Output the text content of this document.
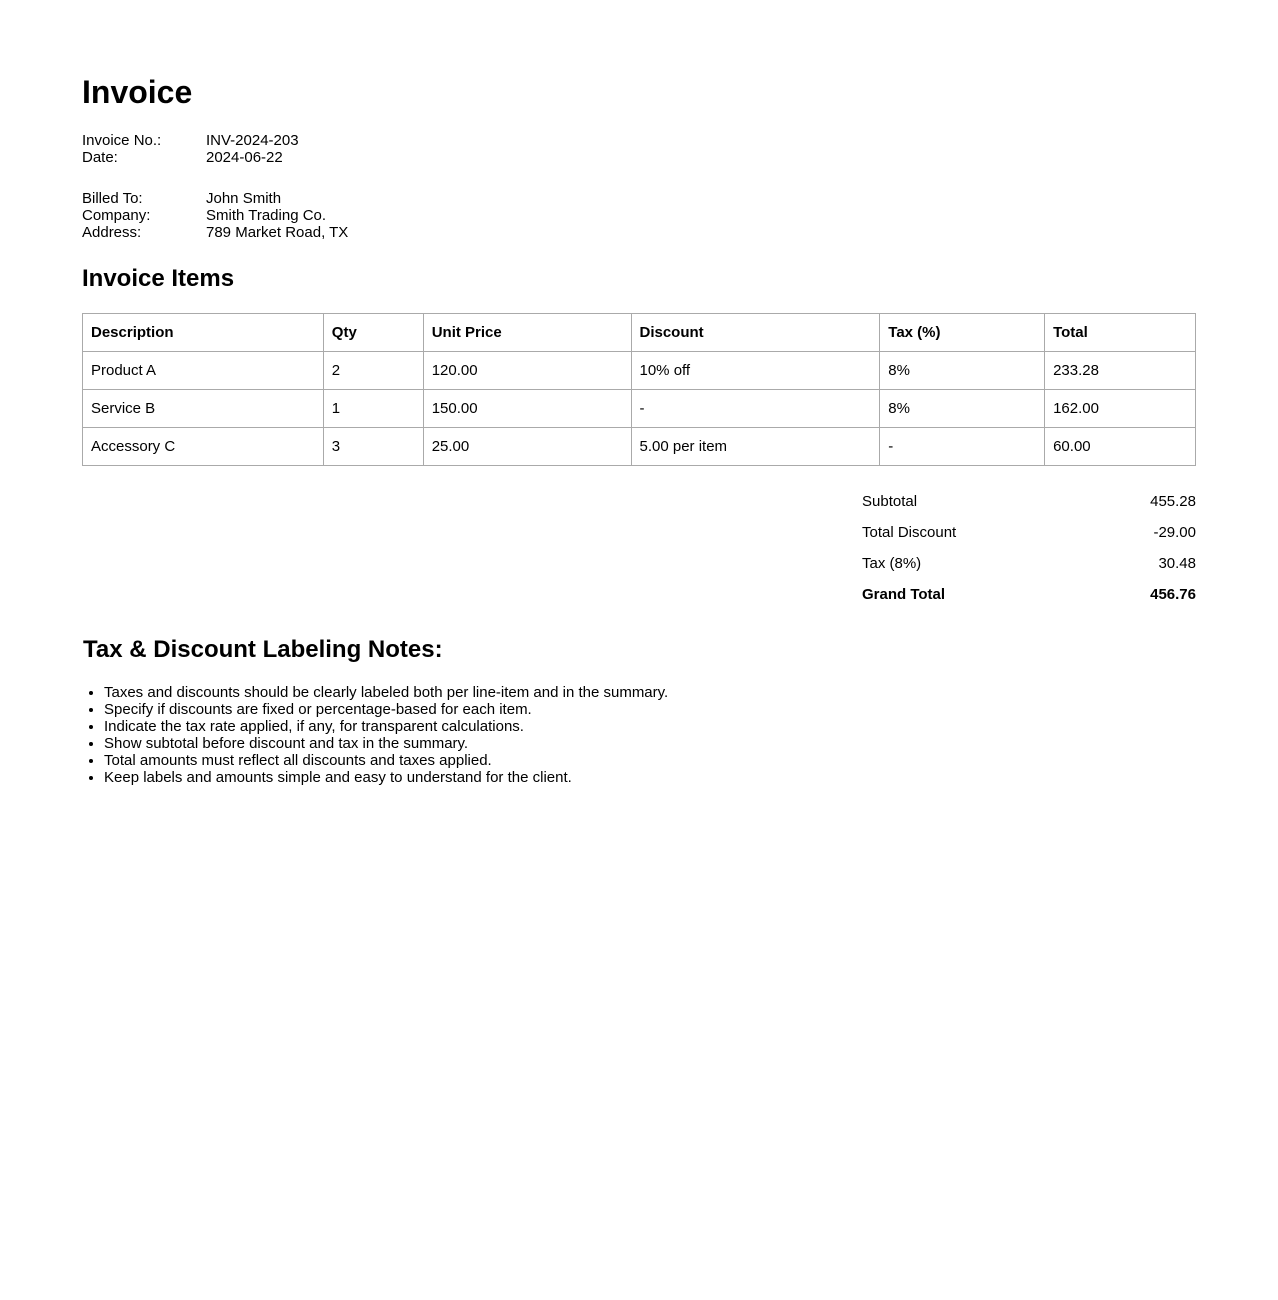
Invoice
Invoice No.:	INV-2024-203
Date:	2024-06-22
Billed To:	John Smith
Company:	Smith Trading Co.
Address:	789 Market Road, TX
Invoice Items
Description	Qty	Unit Price	Discount	Tax (%)	Total
Product A	2	120.00	10% off	8%	233.28
Service B	1	150.00	-	8%	162.00
Accessory C	3	25.00	5.00 per item	-	60.00
Subtotal	455.28
Total Discount	-29.00
Tax (8%)	30.48
Grand Total	456.76
Tax & Discount Labeling Notes:
• Taxes and discounts should be clearly labeled both per line-item and in the summary.
• Specify if discounts are fixed or percentage-based for each item.
• Indicate the tax rate applied, if any, for transparent calculations.
• Show subtotal before discount and tax in the summary.
• Total amounts must reflect all discounts and taxes applied.
• Keep labels and amounts simple and easy to understand for the client.
